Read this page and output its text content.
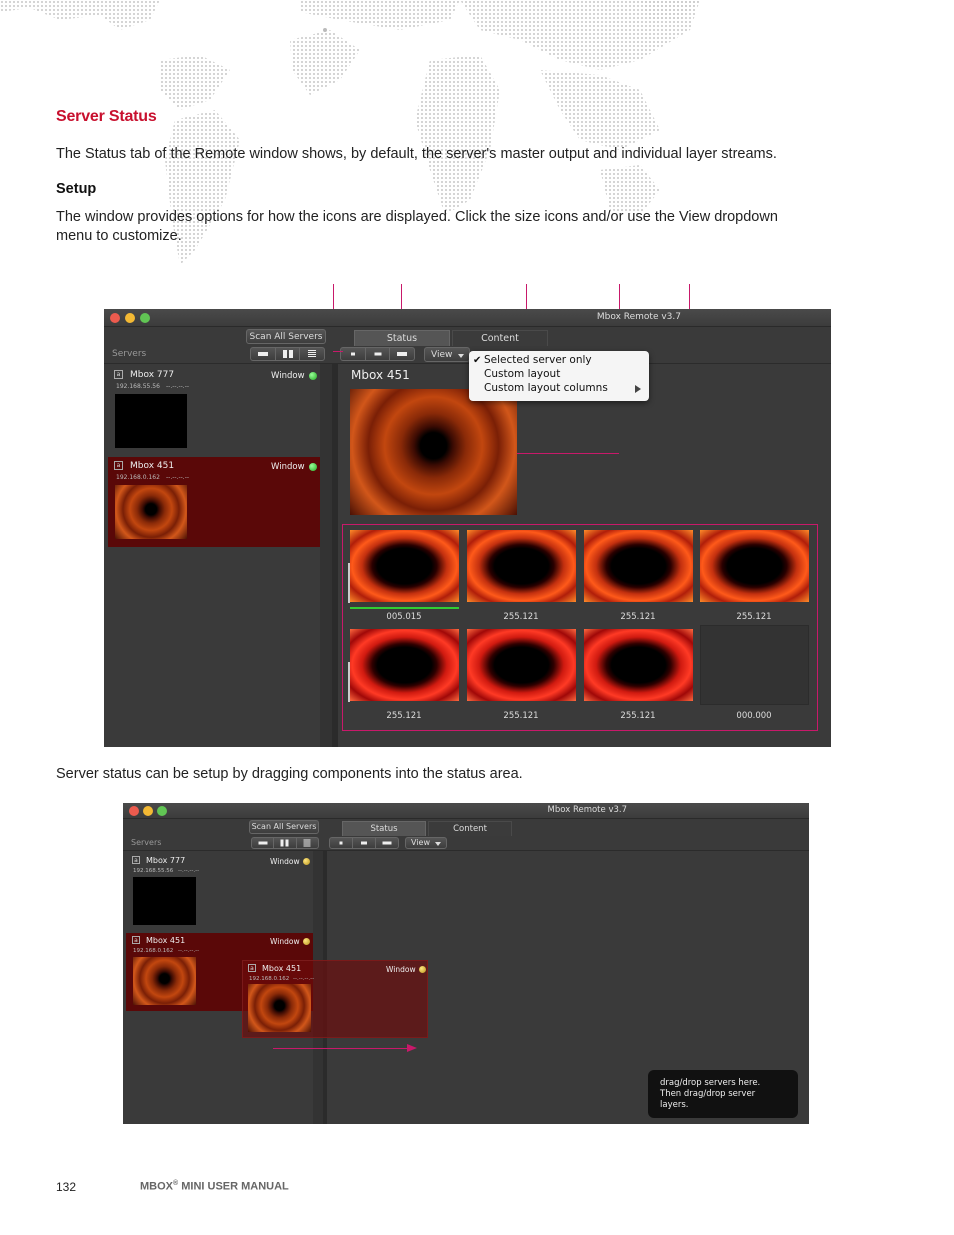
Server Status
The Status tab of the Remote window shows, by default, the server's master output and individual layer streams.
Setup
The window provides options for how the icons are displayed. Click the size icons and/or use the View dropdown
menu to customize.
Mbox Remote v3.7
Scan All Servers
Servers
a Mbox 777
192.168.55.56 --.--.--.--
Window
a Mbox 451
192.168.0.162 --.--.--.--
Window
Status	Content
View
Mbox 451
005.015	255.121	255.121	255.121
255.121	255.121	255.121	000.000
✔ Selected server only
Custom layout
Custom layout columns
Server status can be setup by dragging components into the status area.
Mbox Remote v3.7
Scan All Servers
Servers
a Mbox 777
192.168.55.56 --.--.--.--
Window
a Mbox 451
192.168.0.162 --.--.--.--
Window
a Mbox 451
192.168.0.162 --.--.--.--
Window
Status	Content
View
drag/drop servers here.
Then drag/drop server layers.
132	MBOX® MINI USER MANUAL
